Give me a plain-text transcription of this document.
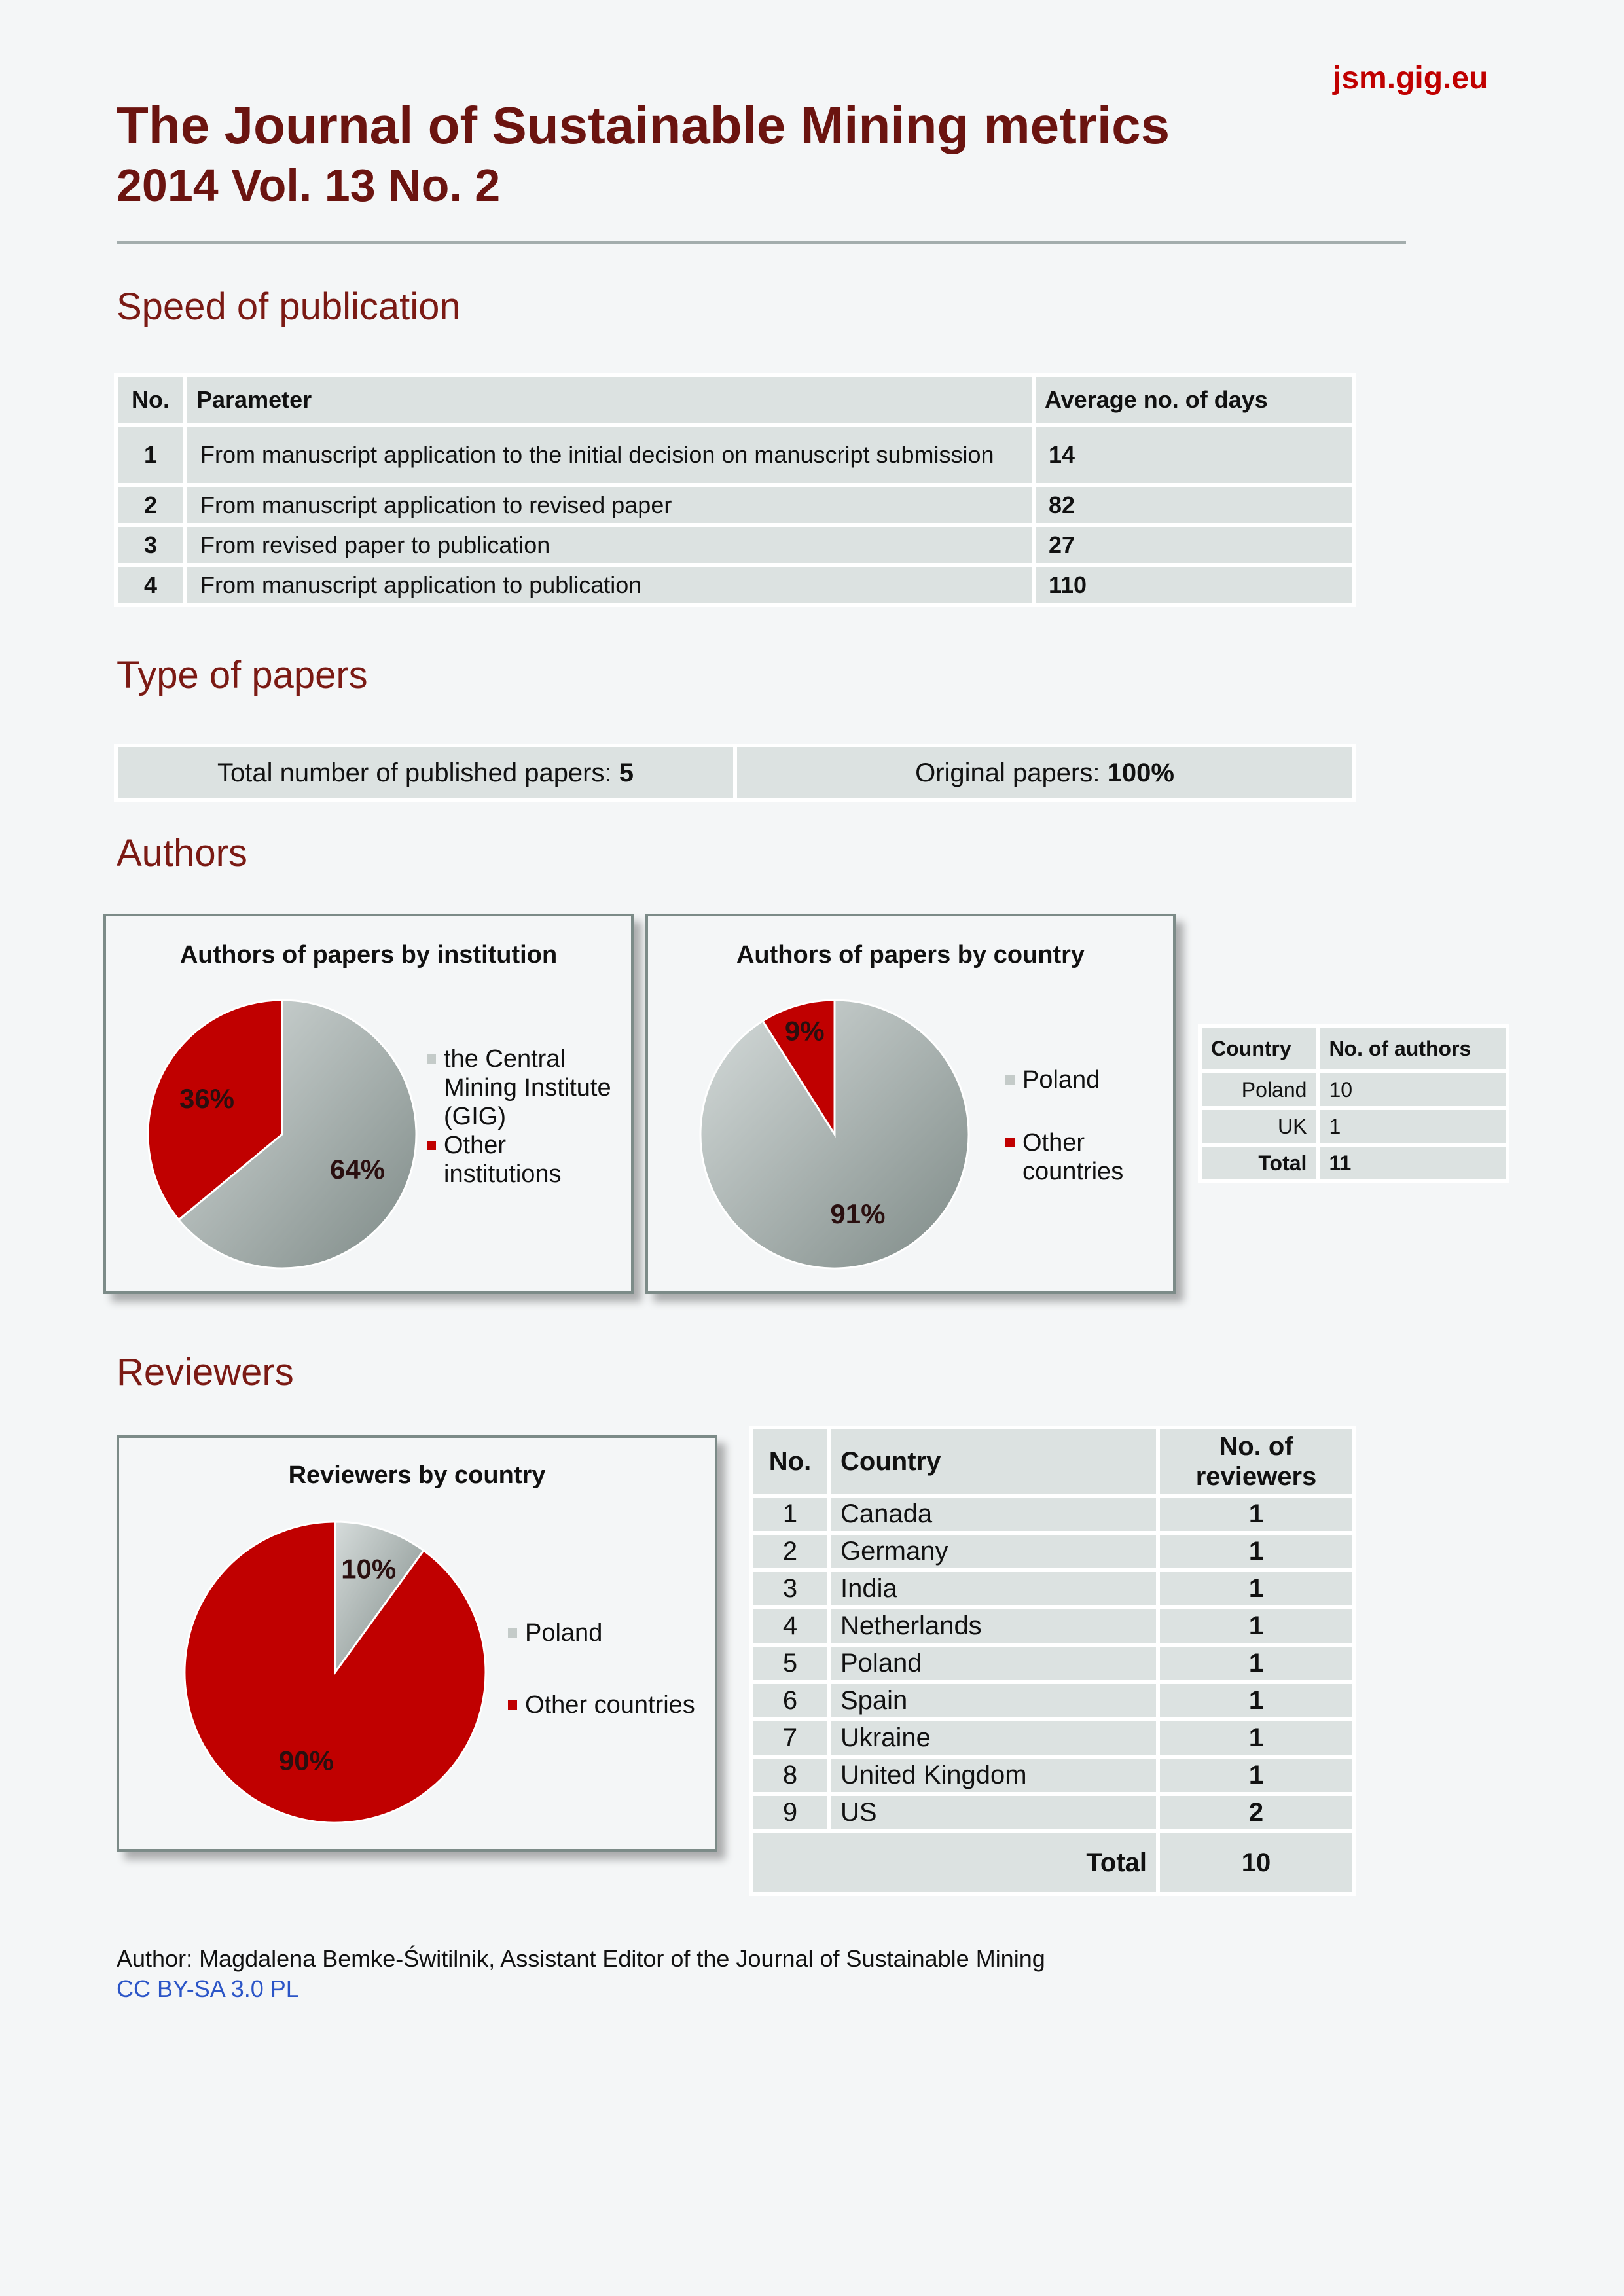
jsm.gig.eu
The Journal of Sustainable Mining metrics
2014 Vol. 13 No. 2
Speed of publication
No.	Parameter	Average no. of days
1	From manuscript application to the initial decision on manuscript submission	14
2	From manuscript application to revised paper	82
3	From revised paper to publication	27
4	From manuscript application to publication	110
Type of papers
Total number of published papers: 5	Original papers: 100%
Authors
Authors of papers by institution
64%
36%
the Central Mining Institute (GIG)
Other institutions
Authors of papers by country
91%
9%
Poland
Other countries
Country	No. of authors
Poland	10
UK	1
Total	11
Reviewers
Reviewers by country
10%
90%
Poland
Other countries
No.	Country	No. of reviewers
1	Canada	1
2	Germany	1
3	India	1
4	Netherlands	1
5	Poland	1
6	Spain	1
7	Ukraine	1
8	United Kingdom	1
9	US	2
Total		10
Author: Magdalena Bemke-Świtilnik, Assistant Editor of the Journal of Sustainable Mining
CC BY-SA 3.0 PL
